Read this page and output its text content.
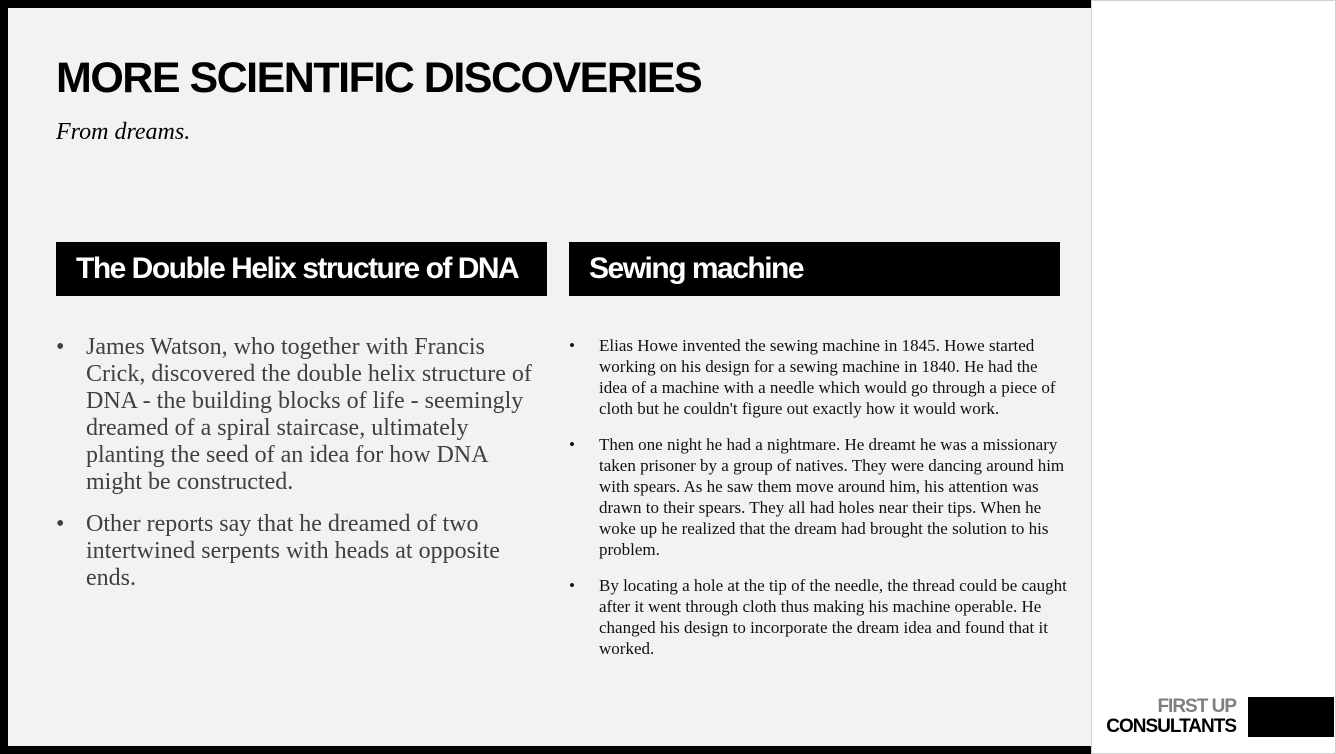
MORE SCIENTIFIC DISCOVERIES

From dreams.

The Double Helix structure of DNA	Sewing machine
• James Watson, who together with Francis Crick, discovered the double helix structure of DNA - the building blocks of life - seemingly dreamed of a spiral staircase, ultimately planting the seed of an idea for how DNA might be constructed.
• Other reports say that he dreamed of two intertwined serpents with heads at opposite ends.
• Elias Howe invented the sewing machine in 1845. Howe started working on his design for a sewing machine in 1840. He had the idea of a machine with a needle which would go through a piece of cloth but he couldn't figure out exactly how it would work.
• Then one night he had a nightmare. He dreamt he was a missionary taken prisoner by a group of natives. They were dancing around him with spears. As he saw them move around him, his attention was drawn to their spears. They all had holes near their tips. When he woke up he realized that the dream had brought the solution to his problem.
• By locating a hole at the tip of the needle, the thread could be caught after it went through cloth thus making his machine operable. He changed his design to incorporate the dream idea and found that it worked.
FIRST UP
CONSULTANTS
